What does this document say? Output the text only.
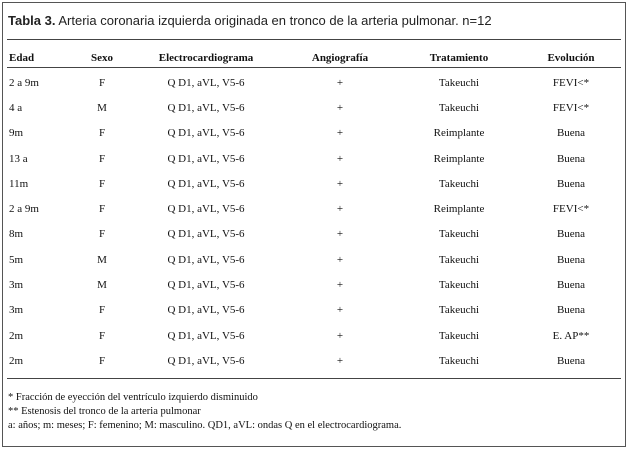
Tabla 3. Arteria coronaria izquierda originada en tronco de la arteria pulmonar. n=12
Edad	Sexo	Electrocardiograma	Angiografía	Tratamiento	Evolución
2 a 9m	F	Q D1, aVL, V5-6	+	Takeuchi	FEVI<*
4 a	M	Q D1, aVL, V5-6	+	Takeuchi	FEVI<*
9m	F	Q D1, aVL, V5-6	+	Reimplante	Buena
13 a	F	Q D1, aVL, V5-6	+	Reimplante	Buena
11m	F	Q D1, aVL, V5-6	+	Takeuchi	Buena
2 a 9m	F	Q D1, aVL, V5-6	+	Reimplante	FEVI<*
8m	F	Q D1, aVL, V5-6	+	Takeuchi	Buena
5m	M	Q D1, aVL, V5-6	+	Takeuchi	Buena
3m	M	Q D1, aVL, V5-6	+	Takeuchi	Buena
3m	F	Q D1, aVL, V5-6	+	Takeuchi	Buena
2m	F	Q D1, aVL, V5-6	+	Takeuchi	E. AP**
2m	F	Q D1, aVL, V5-6	+	Takeuchi	Buena
* Fracción de eyección del ventrículo izquierdo disminuido
** Estenosis del tronco de la arteria pulmonar
a: años; m: meses; F: femenino; M: masculino. QD1, aVL: ondas Q en el electrocardiograma.
